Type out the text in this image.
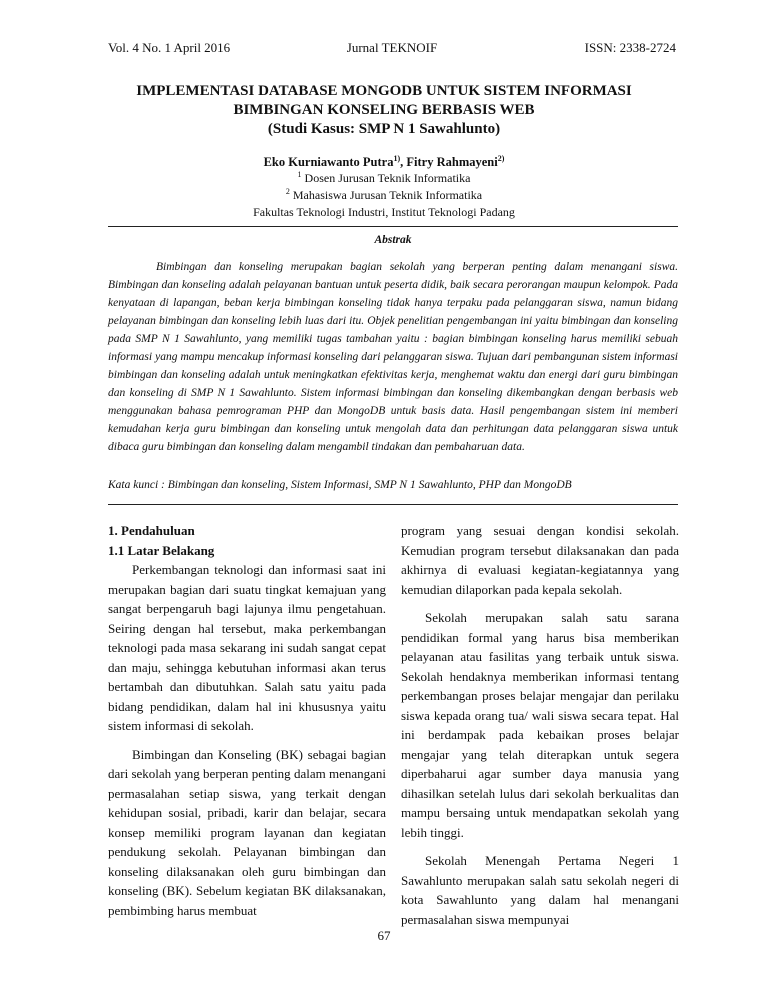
Vol. 4 No. 1 April 2016	Jurnal TEKNOIF	ISSN: 2338-2724
IMPLEMENTASI DATABASE MONGODB UNTUK SISTEM INFORMASI
BIMBINGAN KONSELING BERBASIS WEB
(Studi Kasus: SMP N 1 Sawahlunto)
Eko Kurniawanto Putra$^{1)}$, Fitry Rahmayeni$^{2)}$
$^1$ Dosen Jurusan Teknik Informatika
$^2$ Mahasiswa Jurusan Teknik Informatika
Fakultas Teknologi Industri, Institut Teknologi Padang
Abstrak

Bimbingan dan konseling merupakan bagian sekolah yang berperan penting dalam menangani siswa. Bimbingan dan konseling adalah pelayanan bantuan untuk peserta didik, baik secara perorangan maupun kelompok. Pada kenyataan di lapangan, beban kerja bimbingan konseling tidak hanya terpaku pada pelanggaran siswa, namun bidang pelayanan bimbingan dan konseling lebih luas dari itu. Objek penelitian pengembangan ini yaitu bimbingan dan konseling pada SMP N 1 Sawahlunto, yang memiliki tugas tambahan yaitu : bagian bimbingan konseling harus memiliki sebuah informasi yang mampu mencakup informasi konseling dari pelanggaran siswa. Tujuan dari pembangunan sistem informasi bimbingan dan konseling adalah untuk meningkatkan efektivitas kerja, menghemat waktu dan energi dari guru bimbingan dan konseling di SMP N 1 Sawahlunto. Sistem informasi bimbingan dan konseling dikembangkan dengan berbasis web menggunakan bahasa pemrograman PHP dan MongoDB untuk basis data. Hasil pengembangan sistem ini memberi kemudahan kerja guru bimbingan dan konseling untuk mengolah data dan perhitungan data pelanggaran siswa untuk dibaca guru bimbingan dan konseling dalam mengambil tindakan dan pembaharuan data.

Kata kunci : Bimbingan dan konseling, Sistem Informasi, SMP N 1 Sawahlunto, PHP dan MongoDB
1. Pendahuluan
1.1 Latar Belakang

Perkembangan teknologi dan informasi saat ini merupakan bagian dari suatu tingkat kemajuan yang sangat berpengaruh bagi lajunya ilmu pengetahuan. Seiring dengan hal tersebut, maka perkembangan teknologi pada masa sekarang ini sudah sangat cepat dan maju, sehingga kebutuhan informasi akan terus bertambah dan dibutuhkan. Salah satu yaitu pada bidang pendidikan, dalam hal ini khususnya yaitu sistem informasi di sekolah.

Bimbingan dan Konseling (BK) sebagai bagian dari sekolah yang berperan penting dalam menangani permasalahan setiap siswa, yang terkait dengan kehidupan sosial, pribadi, karir dan belajar, secara konsep memiliki program layanan dan kegiatan pendukung sekolah. Pelayanan bimbingan dan konseling dilaksanakan oleh guru bimbingan dan konseling (BK). Sebelum kegiatan BK dilaksanakan, pembimbing harus membuat

program yang sesuai dengan kondisi sekolah. Kemudian program tersebut dilaksanakan dan pada akhirnya di evaluasi kegiatan-kegiatannya yang kemudian dilaporkan pada kepala sekolah.

Sekolah merupakan salah satu sarana pendidikan formal yang harus bisa memberikan pelayanan atau fasilitas yang terbaik untuk siswa. Sekolah hendaknya memberikan informasi tentang perkembangan proses belajar mengajar dan perilaku siswa kepada orang tua/ wali siswa secara tepat. Hal ini berdampak pada kebaikan proses belajar mengajar yang telah diterapkan untuk segera diperbaharui agar sumber daya manusia yang dihasilkan setelah lulus dari sekolah berkualitas dan mampu bersaing untuk mendapatkan sekolah yang lebih tinggi.

Sekolah Menengah Pertama Negeri 1 Sawahlunto merupakan salah satu sekolah negeri di kota Sawahlunto yang dalam hal menangani permasalahan siswa mempunyai

67
